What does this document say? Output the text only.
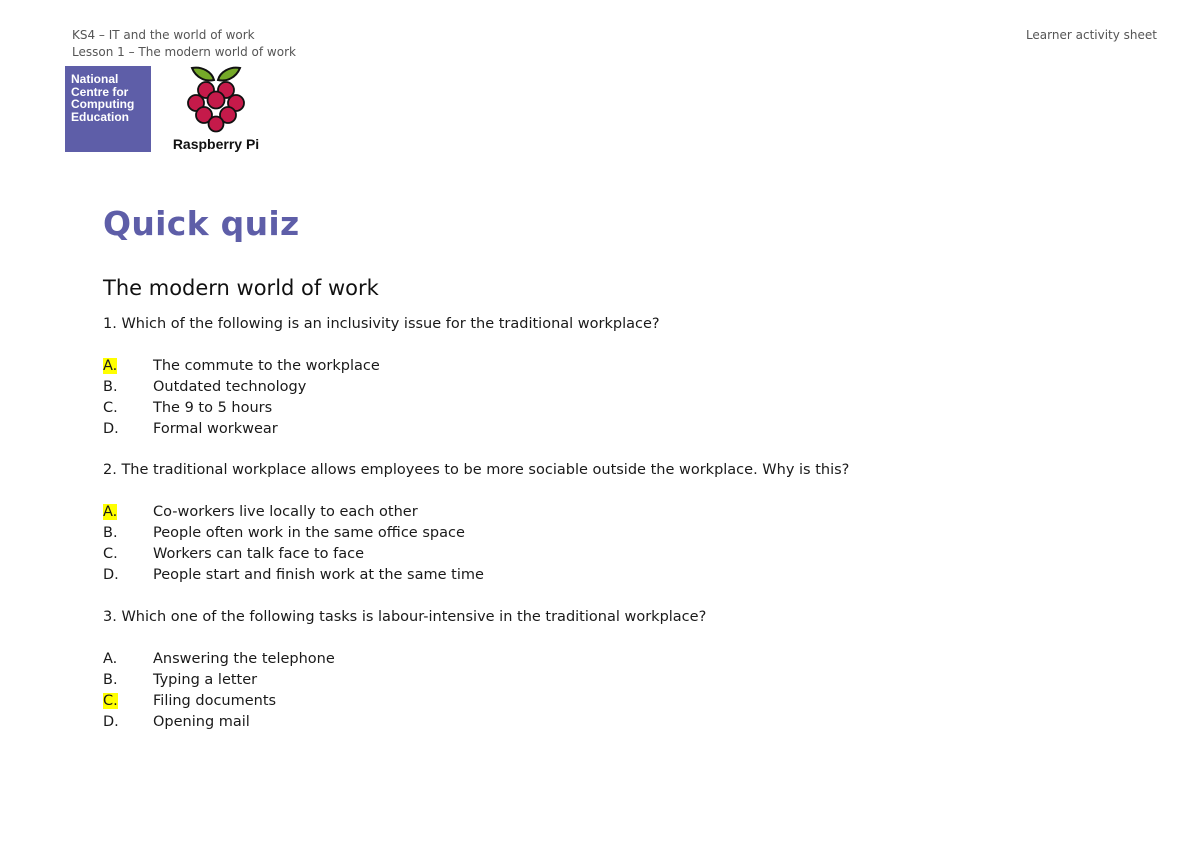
KS4 – IT and the world of work
Lesson 1 – The modern world of work
Learner activity sheet
National
Centre for
Computing
Education
Raspberry Pi
Quick quiz
The modern world of work
1. Which of the following is an inclusivity issue for the traditional workplace?
A. The commute to the workplace
B. Outdated technology
C. The 9 to 5 hours
D. Formal workwear
2. The traditional workplace allows employees to be more sociable outside the workplace. Why is this?
A. Co-workers live locally to each other
B. People often work in the same office space
C. Workers can talk face to face
D. People start and finish work at the same time
3. Which one of the following tasks is labour-intensive in the traditional workplace?
A. Answering the telephone
B. Typing a letter
C. Filing documents
D. Opening mail
